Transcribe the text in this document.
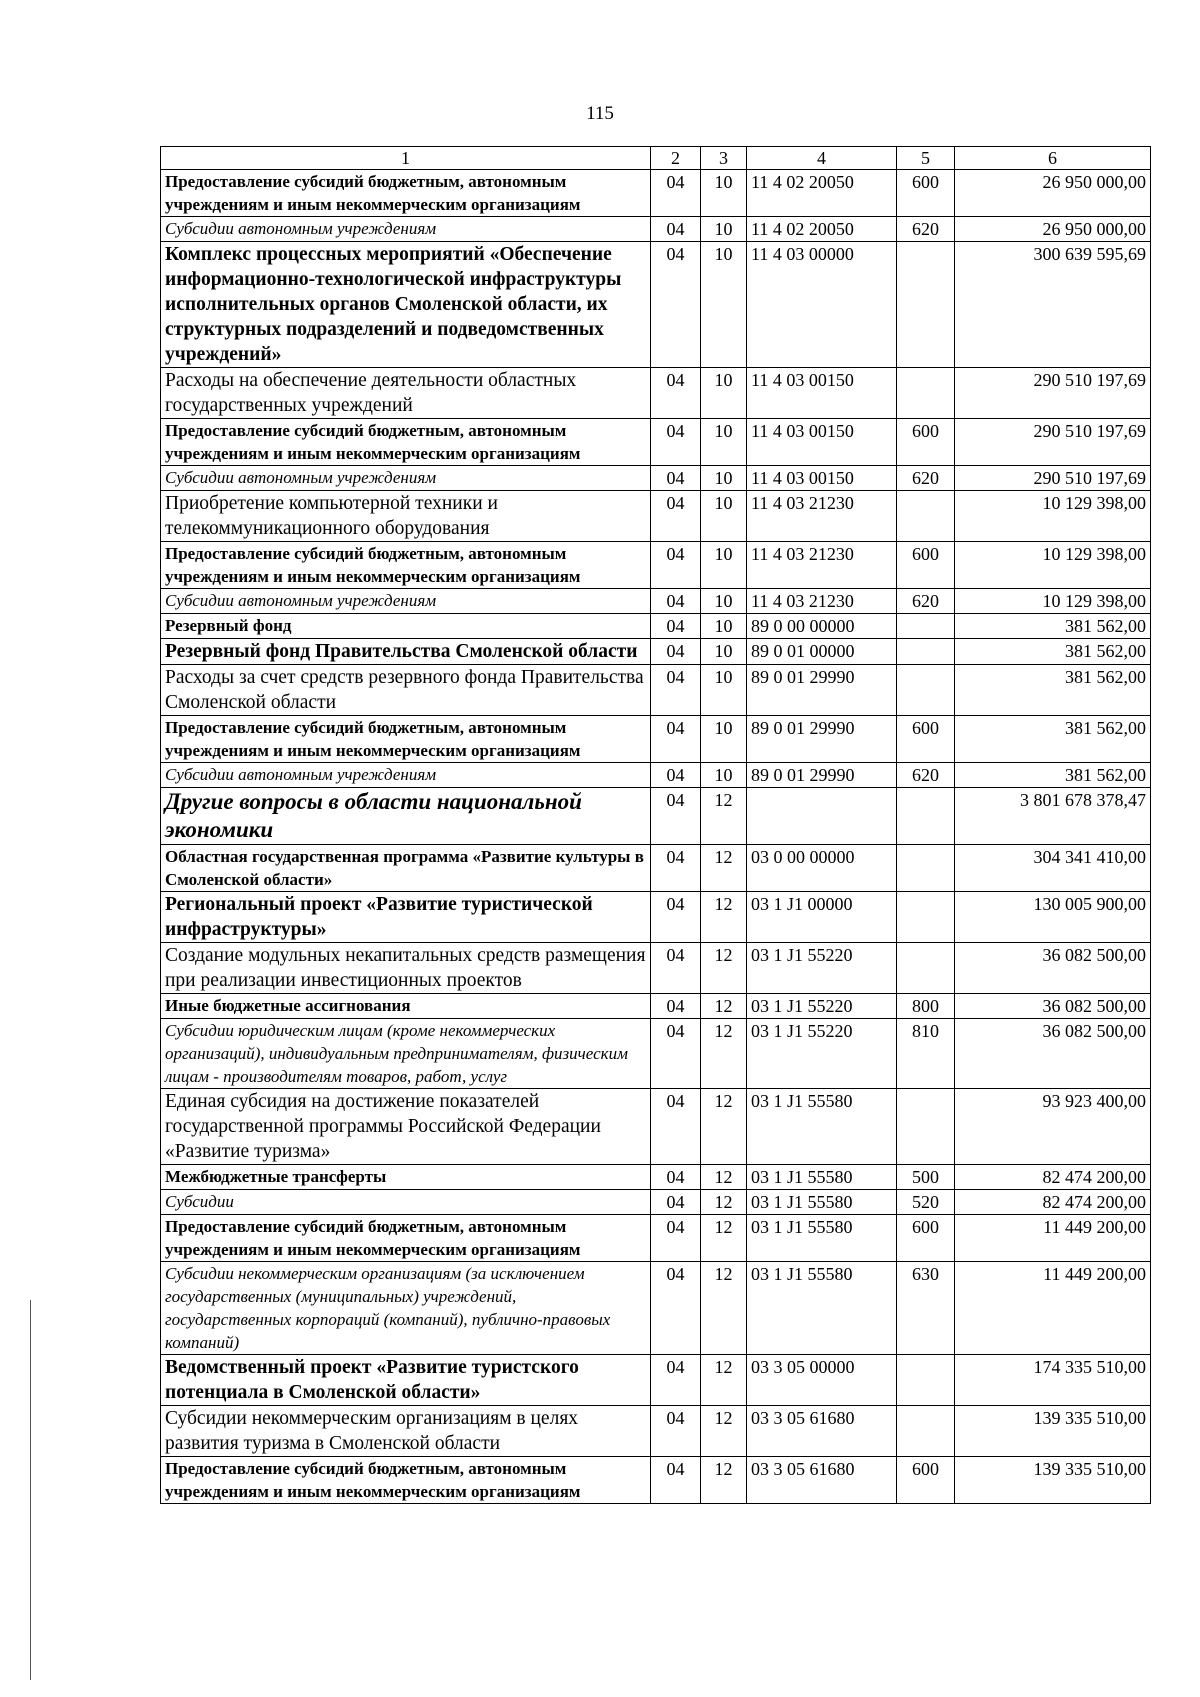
115
1	2	3	4	5	6
Предоставление субсидий бюджетным, автономным учреждениям и иным некоммерческим организациям	04	10	11 4 02 20050	600	26 950 000,00
Субсидии автономным учреждениям	04	10	11 4 02 20050	620	26 950 000,00
Комплекс процессных мероприятий «Обеспечение информационно-технологической инфраструктуры исполнительных органов Смоленской области, их структурных подразделений и подведомственных учреждений»	04	10	11 4 03 00000		300 639 595,69
Расходы на обеспечение деятельности областных государственных учреждений	04	10	11 4 03 00150		290 510 197,69
Предоставление субсидий бюджетным, автономным учреждениям и иным некоммерческим организациям	04	10	11 4 03 00150	600	290 510 197,69
Субсидии автономным учреждениям	04	10	11 4 03 00150	620	290 510 197,69
Приобретение компьютерной техники и телекоммуникационного оборудования	04	10	11 4 03 21230		10 129 398,00
Предоставление субсидий бюджетным, автономным учреждениям и иным некоммерческим организациям	04	10	11 4 03 21230	600	10 129 398,00
Субсидии автономным учреждениям	04	10	11 4 03 21230	620	10 129 398,00
Резервный фонд	04	10	89 0 00 00000		381 562,00
Резервный фонд Правительства Смоленской области	04	10	89 0 01 00000		381 562,00
Расходы за счет средств резервного фонда Правительства Смоленской области	04	10	89 0 01 29990		381 562,00
Предоставление субсидий бюджетным, автономным учреждениям и иным некоммерческим организациям	04	10	89 0 01 29990	600	381 562,00
Субсидии автономным учреждениям	04	10	89 0 01 29990	620	381 562,00
Другие вопросы в области национальной экономики	04	12			3 801 678 378,47
Областная государственная программа «Развитие культуры в Смоленской области»	04	12	03 0 00 00000		304 341 410,00
Региональный проект «Развитие туристической инфраструктуры»	04	12	03 1 J1 00000		130 005 900,00
Создание модульных некапитальных средств размещения при реализации инвестиционных проектов	04	12	03 1 J1 55220		36 082 500,00
Иные бюджетные ассигнования	04	12	03 1 J1 55220	800	36 082 500,00
Субсидии юридическим лицам (кроме некоммерческих организаций), индивидуальным предпринимателям, физическим лицам - производителям товаров, работ, услуг	04	12	03 1 J1 55220	810	36 082 500,00
Единая субсидия на достижение показателей государственной программы Российской Федерации «Развитие туризма»	04	12	03 1 J1 55580		93 923 400,00
Межбюджетные трансферты	04	12	03 1 J1 55580	500	82 474 200,00
Субсидии	04	12	03 1 J1 55580	520	82 474 200,00
Предоставление субсидий бюджетным, автономным учреждениям и иным некоммерческим организациям	04	12	03 1 J1 55580	600	11 449 200,00
Субсидии некоммерческим организациям (за исключением государственных (муниципальных) учреждений, государственных корпораций (компаний), публично-правовых компаний)	04	12	03 1 J1 55580	630	11 449 200,00
Ведомственный проект «Развитие туристского потенциала в Смоленской области»	04	12	03 3 05 00000		174 335 510,00
Субсидии некоммерческим организациям в целях развития туризма в Смоленской области	04	12	03 3 05 61680		139 335 510,00
Предоставление субсидий бюджетным, автономным учреждениям и иным некоммерческим организациям	04	12	03 3 05 61680	600	139 335 510,00
